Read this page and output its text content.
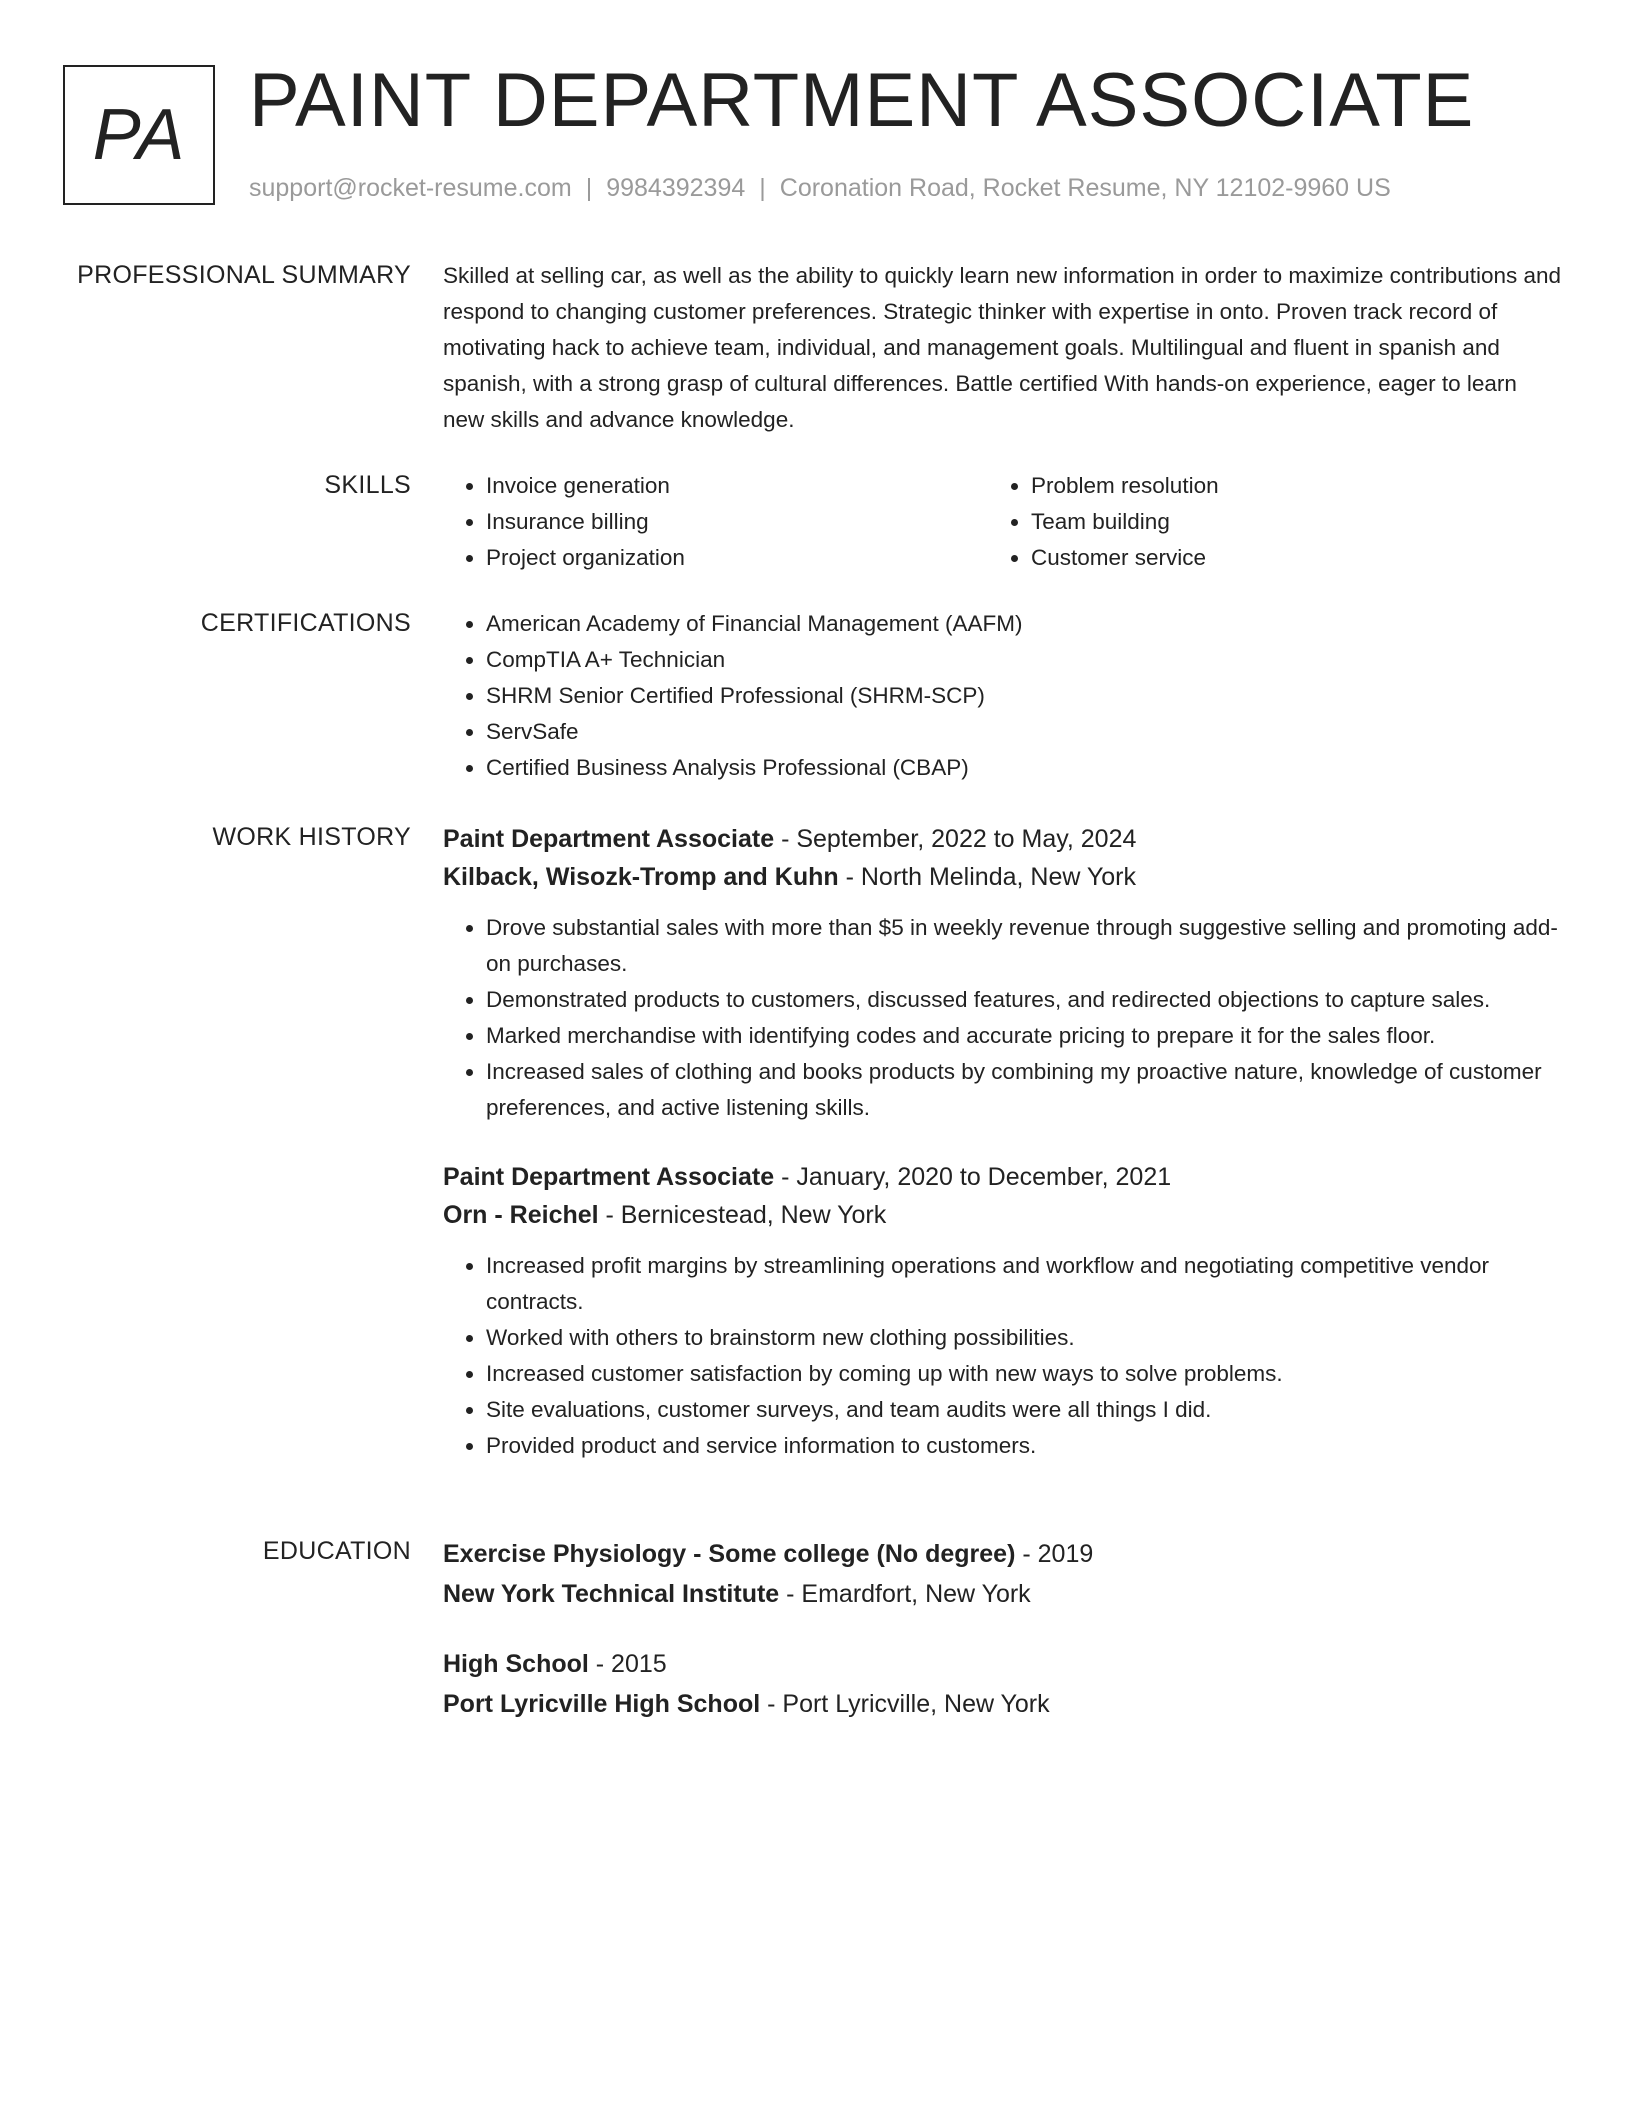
PA PAINT DEPARTMENT ASSOCIATE
support@rocket-resume.com | 9984392394 | Coronation Road, Rocket Resume, NY 12102-9960 US
PROFESSIONAL SUMMARY Skilled at selling car, as well as the ability to quickly learn new information in order to maximize contributions and respond to changing customer preferences. Strategic thinker with expertise in onto. Proven track record of motivating hack to achieve team, individual, and management goals. Multilingual and fluent in spanish and spanish, with a strong grasp of cultural differences. Battle certified With hands-on experience, eager to learn new skills and advance knowledge.

SKILLS	• Invoice generation
• Insurance billing
• Project organization
• Problem resolution
• Team building
• Customer service
CERTIFICATIONS	• American Academy of Financial Management (AAFM)
• CompTIA A+ Technician
• SHRM Senior Certified Professional (SHRM-SCP)
• ServSafe
• Certified Business Analysis Professional (CBAP)
WORK HISTORY Paint Department Associate - September, 2022 to May, 2024
Kilback, Wisozk-Tromp and Kuhn - North Melinda, New York
• Drove substantial sales with more than $5 in weekly revenue through suggestive selling and promoting add-on purchases.
• Demonstrated products to customers, discussed features, and redirected objections to capture sales.
• Marked merchandise with identifying codes and accurate pricing to prepare it for the sales floor.
• Increased sales of clothing and books products by combining my proactive nature, knowledge of customer preferences, and active listening skills.
Paint Department Associate - January, 2020 to December, 2021
Orn - Reichel - Bernicestead, New York
• Increased profit margins by streamlining operations and workflow and negotiating competitive vendor contracts.
• Worked with others to brainstorm new clothing possibilities.
• Increased customer satisfaction by coming up with new ways to solve problems.
• Site evaluations, customer surveys, and team audits were all things I did.
• Provided product and service information to customers.
EDUCATION Exercise Physiology - Some college (No degree) - 2019
New York Technical Institute - Emardfort, New York
High School - 2015
Port Lyricville High School - Port Lyricville, New York
